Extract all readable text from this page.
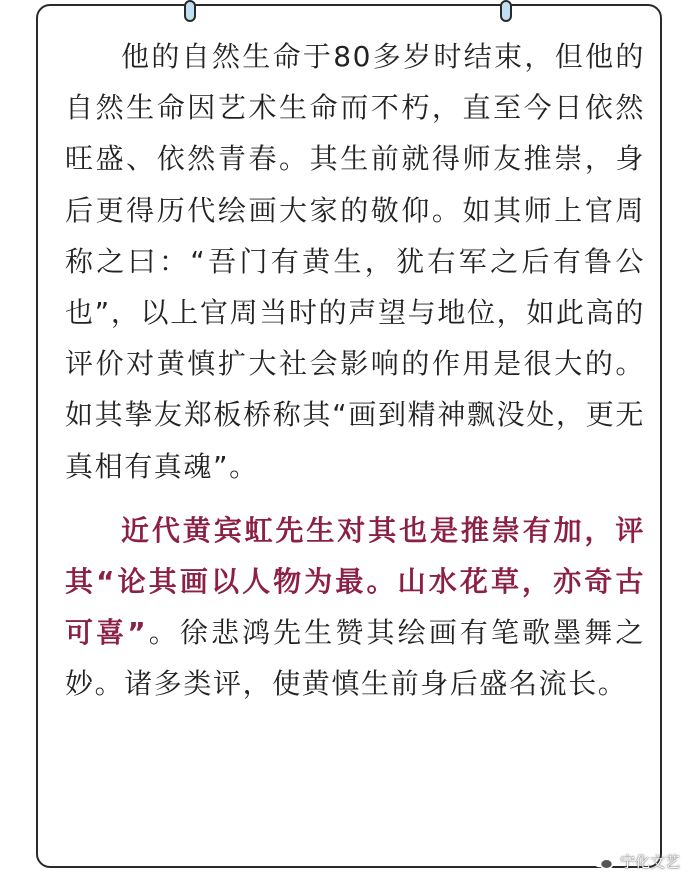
他的自然生命于80多岁时结束，但他的自然生命因艺术生命而不朽，直至今日依然旺盛、依然青春。其生前就得师友推崇，身后更得历代绘画大家的敬仰。如其师上官周称之曰：“吾门有黄生，犹右军之后有鲁公也”，以上官周当时的声望与地位，如此高的评价对黄慎扩大社会影响的作用是很大的。如其挚友郑板桥称其“画到精神飘没处，更无真相有真魂”。
近代黄宾虹先生对其也是推崇有加，评其“论其画以人物为最。山水花草，亦奇古可喜”。徐悲鸿先生赞其绘画有笔歌墨舞之妙。诸多类评，使黄慎生前身后盛名流长。
宁化文艺
